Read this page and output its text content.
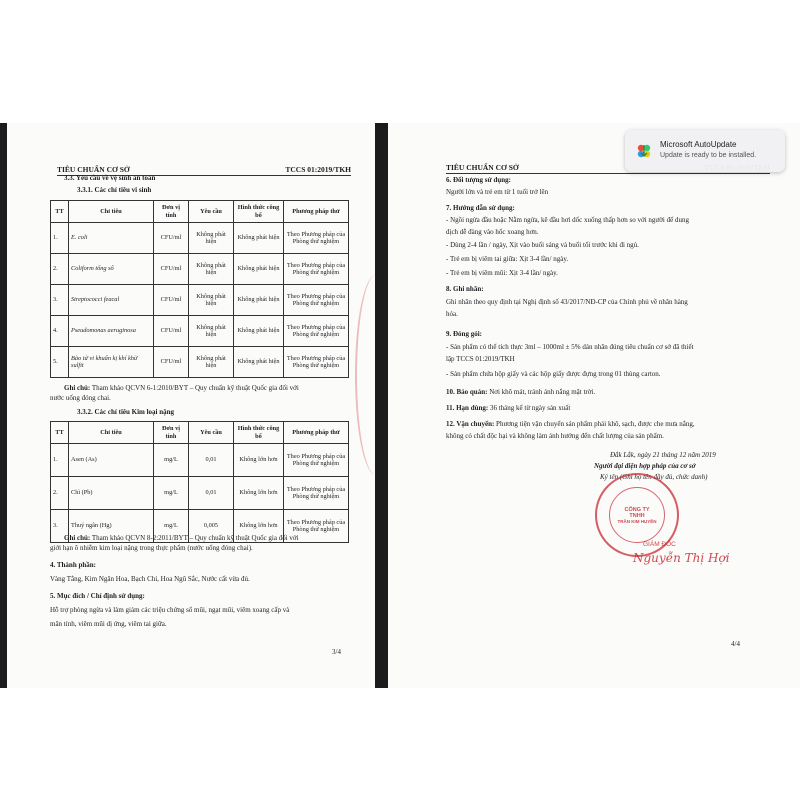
TIÊU CHUẨN CƠ SỞ	TCCS 01:2019/TKH
3.3. Yêu cầu về vệ sinh an toàn
3.3.1. Các chỉ tiêu vi sinh
TT	Chỉ tiêu	Đơn vị tính	Yêu cầu	Hình thức công bố	Phương pháp thử
1.	E. coli	CFU/ml	Không phát hiện	Không phát hiện	Theo Phương pháp của Phòng thử nghiệm
2.	Coliform tổng số	CFU/ml	Không phát hiện	Không phát hiện	Theo Phương pháp của Phòng thử nghiệm
3.	Streptococci feacal	CFU/ml	Không phát hiện	Không phát hiện	Theo Phương pháp của Phòng thử nghiệm
4.	Pseudomonas aeruginosa	CFU/ml	Không phát hiện	Không phát hiện	Theo Phương pháp của Phòng thử nghiệm
5.	Bào tử vi khuẩn kị khí khử sulfit	CFU/ml	Không phát hiện	Không phát hiện	Theo Phương pháp của Phòng thử nghiệm
Ghi chú: Tham khảo QCVN 6-1:2010/BYT – Quy chuẩn kỹ thuật Quốc gia đối với
nước uống đóng chai.
3.3.2. Các chỉ tiêu Kim loại nặng
TT	Chỉ tiêu	Đơn vị tính	Yêu cầu	Hình thức công bố	Phương pháp thử
1.	Asen (As)	mg/L	0,01	Không lớn hơn	Theo Phương pháp của Phòng thử nghiệm
2.	Chì (Pb)	mg/L	0,01	Không lớn hơn	Theo Phương pháp của Phòng thử nghiệm
3.	Thuỷ ngân (Hg)	mg/L	0,005	Không lớn hơn	Theo Phương pháp của Phòng thử nghiệm
Ghi chú: Tham khảo QCVN 8-2:2011/BYT – Quy chuẩn kỹ thuật Quốc gia đối với
giới hạn ô nhiễm kim loại nặng trong thực phẩm (nước uống đóng chai).
4. Thành phần:
Vàng Tằng, Kim Ngân Hoa, Bạch Chỉ, Hoa Ngũ Sắc, Nước cất vừa đủ.
5. Mục đích / Chỉ định sử dụng:
Hỗ trợ phòng ngừa và làm giảm các triệu chứng sổ mũi, ngạt mũi, viêm xoang cấp và
mãn tính, viêm mũi dị ứng, viêm tai giữa.
3/4
TIÊU CHUẨN CƠ SỞ
6. Đối tượng sử dụng:
Người lớn và trẻ em từ 1 tuổi trở lên
7. Hướng dẫn sử dụng:
- Ngồi ngửa đầu hoặc Nằm ngửa, kê đầu hơi dốc xuống thấp hơn so với người để dung
dịch dễ đàng vào hốc xoang hơn.
- Dùng 2-4 lần / ngày, Xịt vào buổi sáng và buổi tối trước khi đi ngủ.
- Trẻ em bị viêm tai giữa: Xịt 3-4 lần/ ngày.
- Trẻ em bị viêm mũi: Xịt 3-4 lần/ ngày.
8. Ghi nhãn:
Ghi nhãn theo quy định tại Nghị định số 43/2017/NĐ-CP của Chính phủ về nhãn hàng
hóa.
9. Đóng gói:
- Sản phẩm có thể tích thực 3ml – 1000ml ± 5% dán nhãn đúng tiêu chuẩn cơ sở đã thiết
lập TCCS 01:2019/TKH
- Sản phẩm chứa hộp giấy và các hộp giấy được đựng trong 01 thùng carton.
10. Bảo quản: Nơi khô mát, tránh ánh nắng mặt trời.
11. Hạn dùng: 36 tháng kể từ ngày sản xuất
12. Vận chuyển: Phương tiện vận chuyển sản phẩm phải khô, sạch, được che mưa nắng,
không có chất độc hại và không làm ảnh hưởng đến chất lượng của sản phẩm.
Đắk Lắk, ngày 21 tháng 12 năm 2019
Người đại diện hợp pháp của cơ sở
Ký tên (Ghi họ tên đầy đủ, chức danh)
CÔNG TY
TNHH
TRẦN KIM HUYỀN
GIÁM ĐỐC
Nguyễn Thị Hợi
4/4
Microsoft AutoUpdate
Update is ready to be installed.
